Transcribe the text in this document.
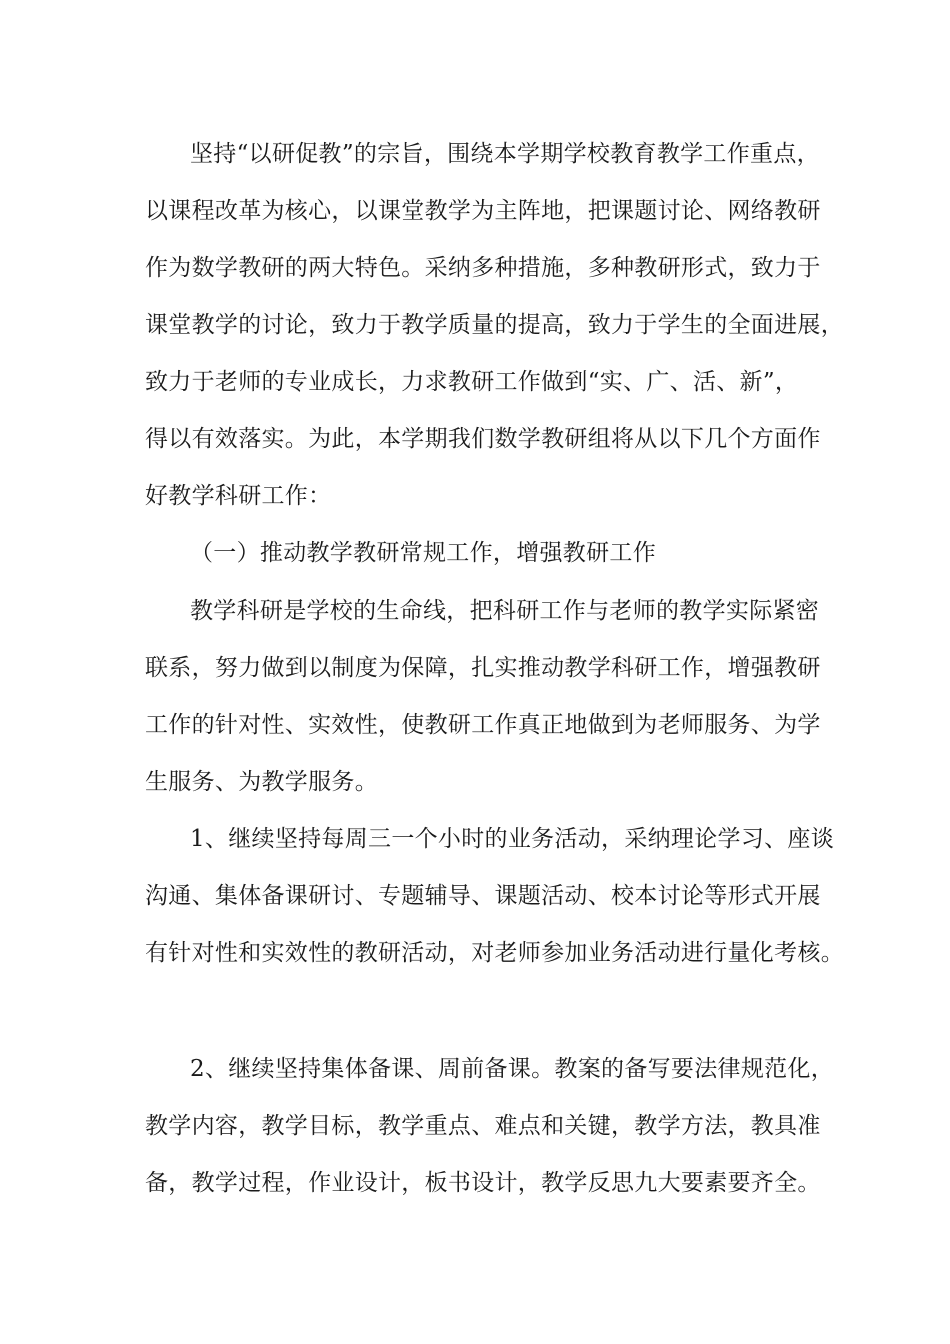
坚持“以研促教”的宗旨，围绕本学期学校教育教学工作重点，
以课程改革为核心，以课堂教学为主阵地，把课题讨论、网络教研
作为数学教研的两大特色。采纳多种措施，多种教研形式，致力于
课堂教学的讨论，致力于教学质量的提高，致力于学生的全面进展，
致力于老师的专业成长，力求教研工作做到“实、广、活、新”，
得以有效落实。为此，本学期我们数学教研组将从以下几个方面作
好教学科研工作：
（一）推动教学教研常规工作，增强教研工作
教学科研是学校的生命线，把科研工作与老师的教学实际紧密
联系，努力做到以制度为保障，扎实推动教学科研工作，增强教研
工作的针对性、实效性，使教研工作真正地做到为老师服务、为学
生服务、为教学服务。
1、继续坚持每周三一个小时的业务活动，采纳理论学习、座谈
沟通、集体备课研讨、专题辅导、课题活动、校本讨论等形式开展
有针对性和实效性的教研活动，对老师参加业务活动进行量化考核。
2、继续坚持集体备课、周前备课。教案的备写要法律规范化，
教学内容，教学目标，教学重点、难点和关键，教学方法，教具准
备，教学过程，作业设计，板书设计，教学反思九大要素要齐全。
